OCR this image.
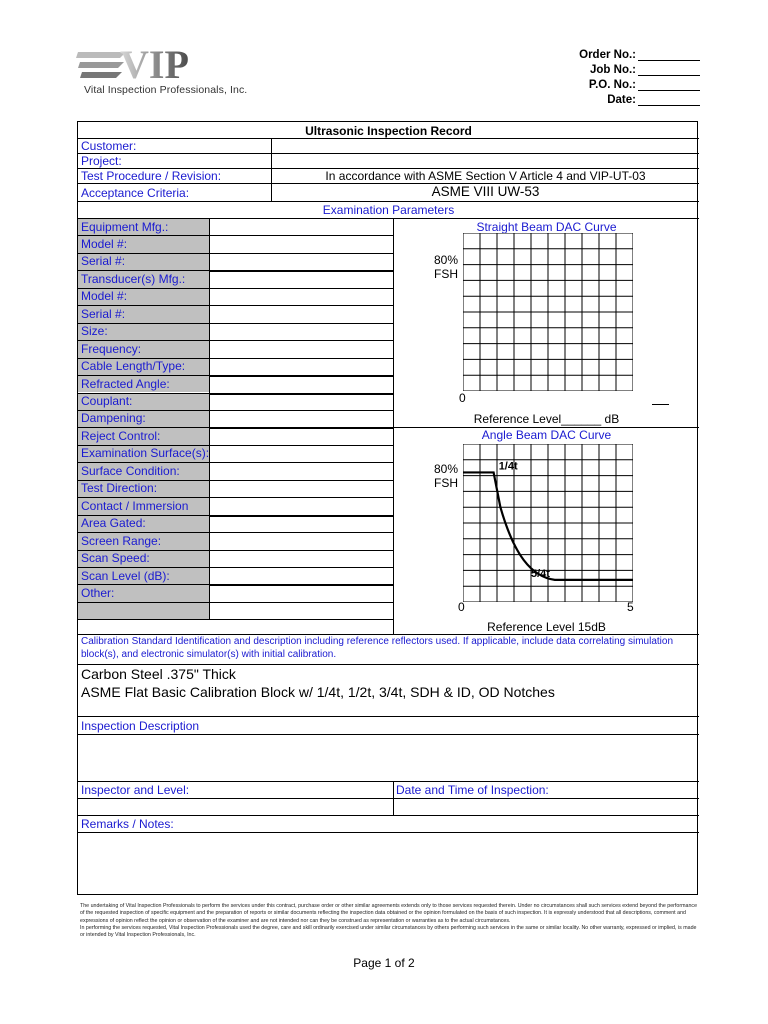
VIP
Vital Inspection Professionals, Inc.
Order No.:
Job No.:
P.O. No.:
Date:
Ultrasonic Inspection Record
Customer:
Project:
Test Procedure / Revision:	In accordance with ASME Section V Article 4 and VIP-UT-03
Acceptance Criteria:	ASME VIII UW-53
Examination Parameters
Equipment Mfg.:
Model #:
Serial #:
Transducer(s) Mfg.:
Model #:
Serial #:
Size:
Frequency:
Cable Length/Type:
Refracted Angle:
Couplant:
Dampening:
Reject Control:
Examination Surface(s):
Surface Condition:
Test Direction:
Contact / Immersion
Area Gated:
Screen Range:
Scan Speed:
Scan Level (dB):
Other:
Straight Beam DAC Curve
80%
FSH
0
Reference Level______ dB
Angle Beam DAC Curve
80%
FSH
1/4t
5/4t
0	5
Reference Level 15dB
Calibration Standard Identification and description including reference reflectors used. If applicable, include data correlating simulation block(s), and electronic simulator(s) with initial calibration.
Carbon Steel .375" Thick
ASME Flat Basic Calibration Block w/ 1/4t, 1/2t, 3/4t, SDH & ID, OD Notches
Inspection Description
Inspector and Level:	Date and Time of Inspection:
Remarks / Notes:
The undertaking of Vital Inspection Professionals to perform the services under this contract, purchase order or other similar agreements extends only to those services requested therein. Under no circumstances shall such services extend beyond the performance of the requested inspection of specific equipment and the preparation of reports or similar documents reflecting the inspection data obtained or the opinion formulated on the basis of such inspection. It is expressly understood that all descriptions, comment and expressions of opinion reflect the opinion or observation of the examiner and are not intended nor can they be construed as representation or warranties as to the actual circumstances.
In performing the services requested, Vital Inspection Professionals used the degree, care and skill ordinarily exercised under similar circumstances by others performing such services in the same or similar locality. No other warranty, expressed or implied, is made or intended by Vital Inspection Professionals, Inc.
Page 1 of 2
